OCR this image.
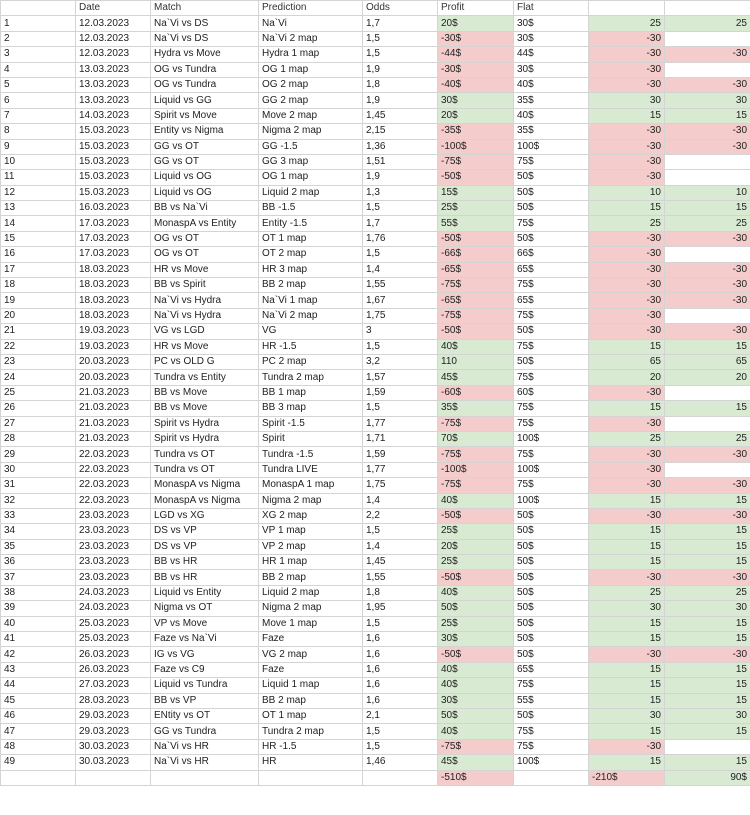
	Date	Match	Prediction	Odds	Profit	Flat		
1	12.03.2023	Na`Vi vs DS	Na`Vi	1,7	20$	30$	25	25
2	12.03.2023	Na`Vi vs DS	Na`Vi 2 map	1,5	-30$	30$	-30	
3	12.03.2023	Hydra vs Move	Hydra 1 map	1,5	-44$	44$	-30	-30
4	13.03.2023	OG vs Tundra	OG 1 map	1,9	-30$	30$	-30	
5	13.03.2023	OG vs Tundra	OG 2 map	1,8	-40$	40$	-30	-30
6	13.03.2023	Liquid vs GG	GG 2 map	1,9	30$	35$	30	30
7	14.03.2023	Spirit vs Move	Move 2 map	1,45	20$	40$	15	15
8	15.03.2023	Entity vs Nigma	Nigma 2 map	2,15	-35$	35$	-30	-30
9	15.03.2023	GG vs OT	GG -1.5	1,36	-100$	100$	-30	-30
10	15.03.2023	GG vs OT	GG 3 map	1,51	-75$	75$	-30	
11	15.03.2023	Liquid vs OG	OG 1 map	1,9	-50$	50$	-30	
12	15.03.2023	Liquid vs OG	Liquid 2 map	1,3	15$	50$	10	10
13	16.03.2023	BB vs Na`Vi	BB -1.5	1,5	25$	50$	15	15
14	17.03.2023	MonaspA vs Entity	Entity -1.5	1,7	55$	75$	25	25
15	17.03.2023	OG vs OT	OT 1 map	1,76	-50$	50$	-30	-30
16	17.03.2023	OG vs OT	OT 2 map	1,5	-66$	66$	-30	
17	18.03.2023	HR vs Move	HR 3 map	1,4	-65$	65$	-30	-30
18	18.03.2023	BB vs Spirit	BB 2 map	1,55	-75$	75$	-30	-30
19	18.03.2023	Na`Vi vs Hydra	Na`Vi 1 map	1,67	-65$	65$	-30	-30
20	18.03.2023	Na`Vi vs Hydra	Na`Vi 2 map	1,75	-75$	75$	-30	
21	19.03.2023	VG vs LGD	VG	3	-50$	50$	-30	-30
22	19.03.2023	HR vs Move	HR -1.5	1,5	40$	75$	15	15
23	20.03.2023	PC vs OLD G	PC 2 map	3,2	110	50$	65	65
24	20.03.2023	Tundra vs Entity	Tundra 2 map	1,57	45$	75$	20	20
25	21.03.2023	BB vs Move	BB 1 map	1,59	-60$	60$	-30	
26	21.03.2023	BB vs Move	BB 3 map	1,5	35$	75$	15	15
27	21.03.2023	Spirit vs Hydra	Spirit -1.5	1,77	-75$	75$	-30	
28	21.03.2023	Spirit vs Hydra	Spirit	1,71	70$	100$	25	25
29	22.03.2023	Tundra vs OT	Tundra -1.5	1,59	-75$	75$	-30	-30
30	22.03.2023	Tundra vs OT	Tundra LIVE	1,77	-100$	100$	-30	
31	22.03.2023	MonaspA vs Nigma	MonaspA 1 map	1,75	-75$	75$	-30	-30
32	22.03.2023	MonaspA vs Nigma	Nigma 2 map	1,4	40$	100$	15	15
33	23.03.2023	LGD vs XG	XG 2 map	2,2	-50$	50$	-30	-30
34	23.03.2023	DS vs VP	VP 1 map	1,5	25$	50$	15	15
35	23.03.2023	DS vs VP	VP 2 map	1,4	20$	50$	15	15
36	23.03.2023	BB vs HR	HR 1 map	1,45	25$	50$	15	15
37	23.03.2023	BB vs HR	BB 2 map	1,55	-50$	50$	-30	-30
38	24.03.2023	Liquid vs Entity	Liquid 2 map	1,8	40$	50$	25	25
39	24.03.2023	Nigma vs OT	Nigma 2 map	1,95	50$	50$	30	30
40	25.03.2023	VP vs Move	Move 1 map	1,5	25$	50$	15	15
41	25.03.2023	Faze vs Na`Vi	Faze	1,6	30$	50$	15	15
42	26.03.2023	IG vs VG	VG 2 map	1,6	-50$	50$	-30	-30
43	26.03.2023	Faze vs C9	Faze	1,6	40$	65$	15	15
44	27.03.2023	Liquid vs Tundra	Liquid 1 map	1,6	40$	75$	15	15
45	28.03.2023	BB vs VP	BB 2 map	1,6	30$	55$	15	15
46	29.03.2023	ENtity vs OT	OT 1 map	2,1	50$	50$	30	30
47	29.03.2023	GG vs Tundra	Tundra 2 map	1,5	40$	75$	15	15
48	30.03.2023	Na`Vi vs HR	HR -1.5	1,5	-75$	75$	-30	
49	30.03.2023	Na`Vi vs HR	HR	1,46	45$	100$	15	15
					-510$		-210$	90$
